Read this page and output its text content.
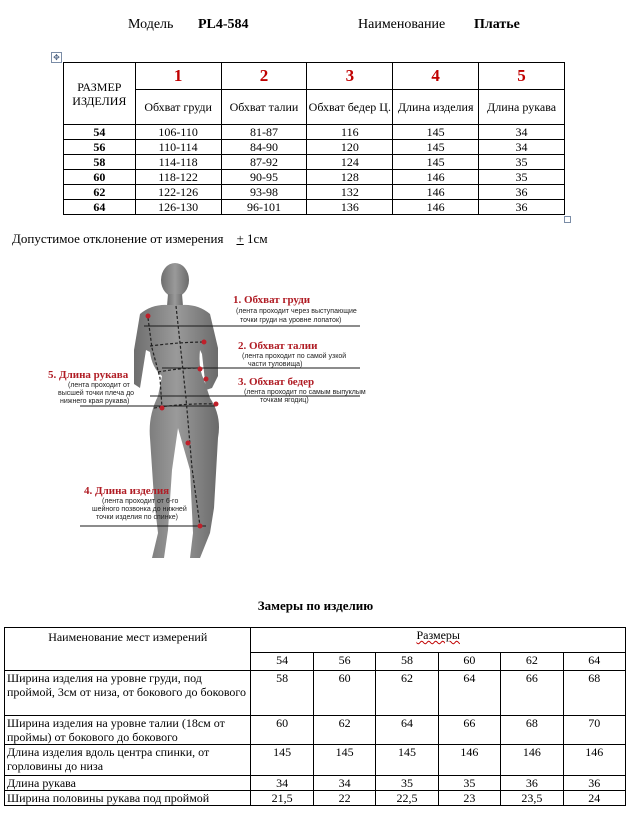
Модель PL4-584	Наименование Платье
✥
РАЗМЕР ИЗДЕЛИЯ	1	2	3	4	5
	Обхват груди	Обхват талии	Обхват бедер Ц.	Длина изделия	Длина рукава
54	106-110	81-87	116	145	34
56	110-114	84-90	120	145	34
58	114-118	87-92	124	145	35
60	118-122	90-95	128	146	35
62	122-126	93-98	132	146	36
64	126-130	96-101	136	146	36
Допустимое отклонение от измерения + 1см
1. Обхват груди
(лента проходит через выступающие
точки груди на уровне лопаток)
2. Обхват талии
(лента проходит по самой узкой
части туловища)
3. Обхват бедер
(лента проходит по самым выпуклым
точкам ягодиц)
5. Длина рукава
(лента проходит от
высшей точки плеча до
нижнего края рукава)
4. Длина изделия
(лента проходит от 6-го
шейного позвонка до нижней
точки изделия по спинке)
Замеры по изделию
Наименование мест измерений	Размеры					
	54	56	58	60	62	64
Ширина изделия на уровне груди, под проймой, 3см от низа, от бокового до бокового	58	60	62	64	66	68
Ширина изделия на уровне талии (18см от проймы) от бокового до бокового	60	62	64	66	68	70
Длина изделия вдоль центра спинки, от горловины до низа	145	145	145	146	146	146
Длина рукава	34	34	35	35	36	36
Ширина половины рукава под проймой	21,5	22	22,5	23	23,5	24
